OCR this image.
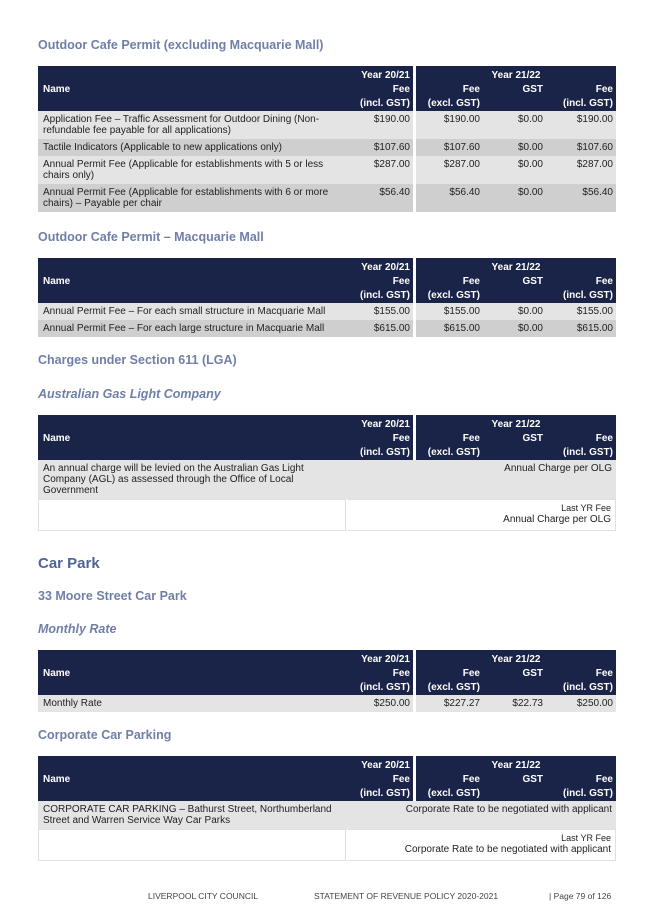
Outdoor Cafe Permit (excluding Macquarie Mall)

Name	Year 20/21	Year 21/22		
	Fee	Fee	GST	Fee
	(incl. GST)	(excl. GST)		(incl. GST)
Application Fee – Traffic Assessment for Outdoor Dining (Non-refundable fee payable for all applications)	$190.00	$190.00	$0.00	$190.00
Tactile Indicators (Applicable to new applications only)	$107.60	$107.60	$0.00	$107.60
Annual Permit Fee (Applicable for establishments with 5 or less chairs only)	$287.00	$287.00	$0.00	$287.00
Annual Permit Fee (Applicable for establishments with 6 or more chairs) – Payable per chair	$56.40	$56.40	$0.00	$56.40

Outdoor Cafe Permit – Macquarie Mall

Name	Year 20/21	Year 21/22		
	Fee	Fee	GST	Fee
	(incl. GST)	(excl. GST)		(incl. GST)
Annual Permit Fee – For each small structure in Macquarie Mall	$155.00	$155.00	$0.00	$155.00
Annual Permit Fee – For each large structure in Macquarie Mall	$615.00	$615.00	$0.00	$615.00

Charges under Section 611 (LGA)

Australian Gas Light Company

Name	Year 20/21	Year 21/22		
	Fee	Fee	GST	Fee
	(incl. GST)	(excl. GST)		(incl. GST)
An annual charge will be levied on the Australian Gas Light Company (AGL) as assessed through the Office of Local Government	Annual Charge per OLG			

	Last YR Fee
Annual Charge per OLG			

Car Park

33 Moore Street Car Park

Monthly Rate

Name	Year 20/21	Year 21/22		
	Fee	Fee	GST	Fee
	(incl. GST)	(excl. GST)		(incl. GST)
Monthly Rate	$250.00	$227.27	$22.73	$250.00

Corporate Car Parking

Name	Year 20/21	Year 21/22		
	Fee	Fee	GST	Fee
	(incl. GST)	(excl. GST)		(incl. GST)
CORPORATE CAR PARKING – Bathurst Street, Northumberland Street and Warren Service Way Car Parks	Corporate Rate to be negotiated with applicant			

	Last YR Fee
Corporate Rate to be negotiated with applicant			
LIVERPOOL CITY COUNCIL	STATEMENT OF REVENUE POLICY 2020-2021	| Page 79 of 126
